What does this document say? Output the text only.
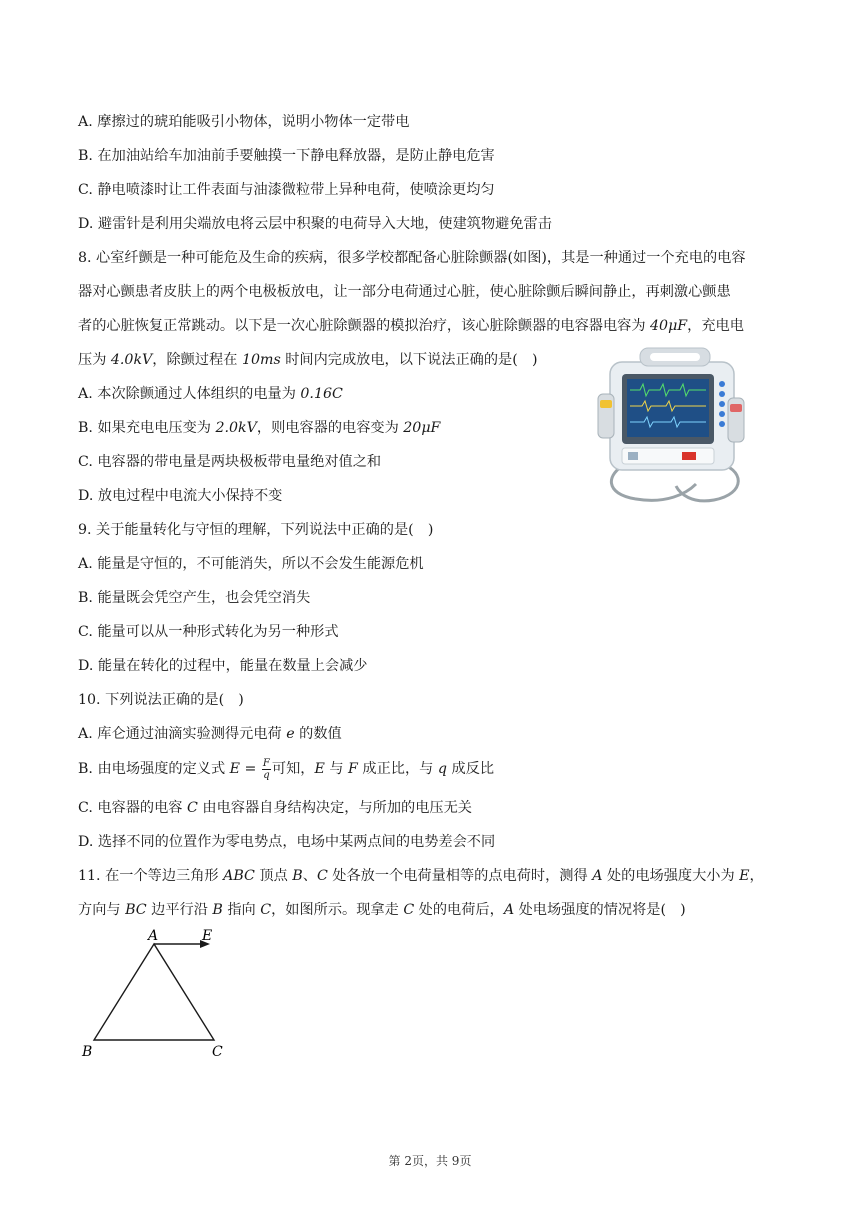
A. 摩擦过的琥珀能吸引小物体，说明小物体一定带电
B. 在加油站给车加油前手要触摸一下静电释放器，是防止静电危害
C. 静电喷漆时让工件表面与油漆微粒带上异种电荷，使喷涂更均匀
D. 避雷针是利用尖端放电将云层中积聚的电荷导入大地，使建筑物避免雷击
8. 心室纤颤是一种可能危及生命的疾病，很多学校都配备心脏除颤器(如图)，其是一种通过一个充电的电容
器对心颤患者皮肤上的两个电极板放电，让一部分电荷通过心脏，使心脏除颤后瞬间静止，再刺激心颤患
者的心脏恢复正常跳动。以下是一次心脏除颤器的模拟治疗，该心脏除颤器的电容器电容为 40μF，充电电
压为 4.0kV，除颤过程在 10ms 时间内完成放电，以下说法正确的是(　)
A. 本次除颤通过人体组织的电量为 0.16C
B. 如果充电电压变为 2.0kV，则电容器的电容变为 20μF
C. 电容器的带电量是两块极板带电量绝对值之和
D. 放电过程中电流大小保持不变
9. 关于能量转化与守恒的理解，下列说法中正确的是(　)
A. 能量是守恒的，不可能消失，所以不会发生能源危机
B. 能量既会凭空产生，也会凭空消失
C. 能量可以从一种形式转化为另一种形式
D. 能量在转化的过程中，能量在数量上会减少
10. 下列说法正确的是(　)
A. 库仑通过油滴实验测得元电荷 e 的数值
B. 由电场强度的定义式 $E = \frac{F}{q}$ 可知，E 与 F 成正比，与 q 成反比
C. 电容器的电容 C 由电容器自身结构决定，与所加的电压无关
D. 选择不同的位置作为零电势点，电场中某两点间的电势差会不同
11. 在一个等边三角形 ABC 顶点 B、C 处各放一个电荷量相等的点电荷时，测得 A 处的电场强度大小为 E，
方向与 BC 边平行沿 B 指向 C，如图所示。现拿走 C 处的电荷后，A 处电场强度的情况将是(　)
A	E
B	C
第 2页，共 9页
